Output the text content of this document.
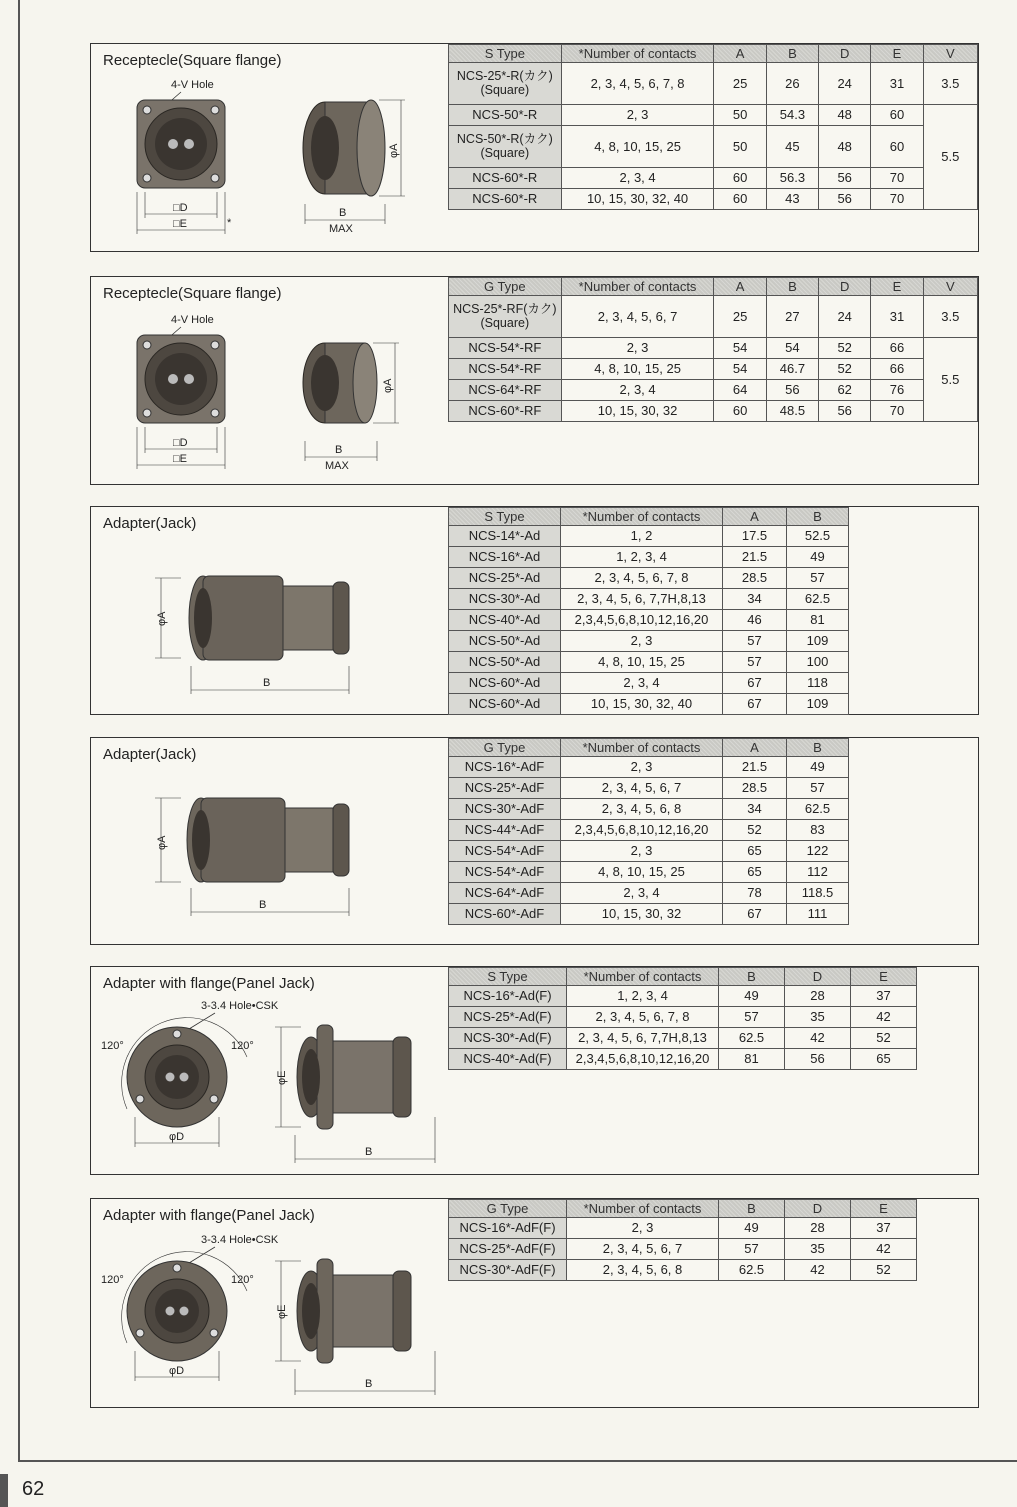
Receptecle(Square flange)
4-V Hole
□D
□E	*
B
MAX
φA
S Type	*Number of contacts	A	B	D	E	V
NCS-25*-R(カク)(Square)	2, 3, 4, 5, 6, 7, 8	25	26	24	31	3.5
NCS-50*-R	2, 3	50	54.3	48	60	5.5
NCS-50*-R(カク)(Square)	4, 8, 10, 15, 25	50	45	48	60	
NCS-60*-R	2, 3, 4	60	56.3	56	70	
NCS-60*-R	10, 15, 30, 32, 40	60	43	56	70	
Receptecle(Square flange)
4-V Hole
□D
□E
B
MAX
φA
G Type	*Number of contacts	A	B	D	E	V
NCS-25*-RF(カク)(Square)	2, 3, 4, 5, 6, 7	25	27	24	31	3.5
NCS-54*-RF	2, 3	54	54	52	66	5.5
NCS-54*-RF	4, 8, 10, 15, 25	54	46.7	52	66	
NCS-64*-RF	2, 3, 4	64	56	62	76	
NCS-60*-RF	10, 15, 30, 32	60	48.5	56	70	
Adapter(Jack)
φA
B
S Type	*Number of contacts	A	B
NCS-14*-Ad	1, 2	17.5	52.5
NCS-16*-Ad	1, 2, 3, 4	21.5	49
NCS-25*-Ad	2, 3, 4, 5, 6, 7, 8	28.5	57
NCS-30*-Ad	2, 3, 4, 5, 6, 7,7H,8,13	34	62.5
NCS-40*-Ad	2,3,4,5,6,8,10,12,16,20	46	81
NCS-50*-Ad	2, 3	57	109
NCS-50*-Ad	4, 8, 10, 15, 25	57	100
NCS-60*-Ad	2, 3, 4	67	118
NCS-60*-Ad	10, 15, 30, 32, 40	67	109
Adapter(Jack)
φA
B
G Type	*Number of contacts	A	B
NCS-16*-AdF	2, 3	21.5	49
NCS-25*-AdF	2, 3, 4, 5, 6, 7	28.5	57
NCS-30*-AdF	2, 3, 4, 5, 6, 8	34	62.5
NCS-44*-AdF	2,3,4,5,6,8,10,12,16,20	52	83
NCS-54*-AdF	2, 3	65	122
NCS-54*-AdF	4, 8, 10, 15, 25	65	112
NCS-64*-AdF	2, 3, 4	78	118.5
NCS-60*-AdF	10, 15, 30, 32	67	111
Adapter with flange(Panel Jack)
3-3.4 Hole•CSK
120°	120°
φD
φE
B
S Type	*Number of contacts	B	D	E
NCS-16*-Ad(F)	1, 2, 3, 4	49	28	37
NCS-25*-Ad(F)	2, 3, 4, 5, 6, 7, 8	57	35	42
NCS-30*-Ad(F)	2, 3, 4, 5, 6, 7,7H,8,13	62.5	42	52
NCS-40*-Ad(F)	2,3,4,5,6,8,10,12,16,20	81	56	65
Adapter with flange(Panel Jack)
3-3.4 Hole•CSK
120°	120°
φD
φE
B
G Type	*Number of contacts	B	D	E
NCS-16*-AdF(F)	2, 3	49	28	37
NCS-25*-AdF(F)	2, 3, 4, 5, 6, 7	57	35	42
NCS-30*-AdF(F)	2, 3, 4, 5, 6, 8	62.5	42	52
62
